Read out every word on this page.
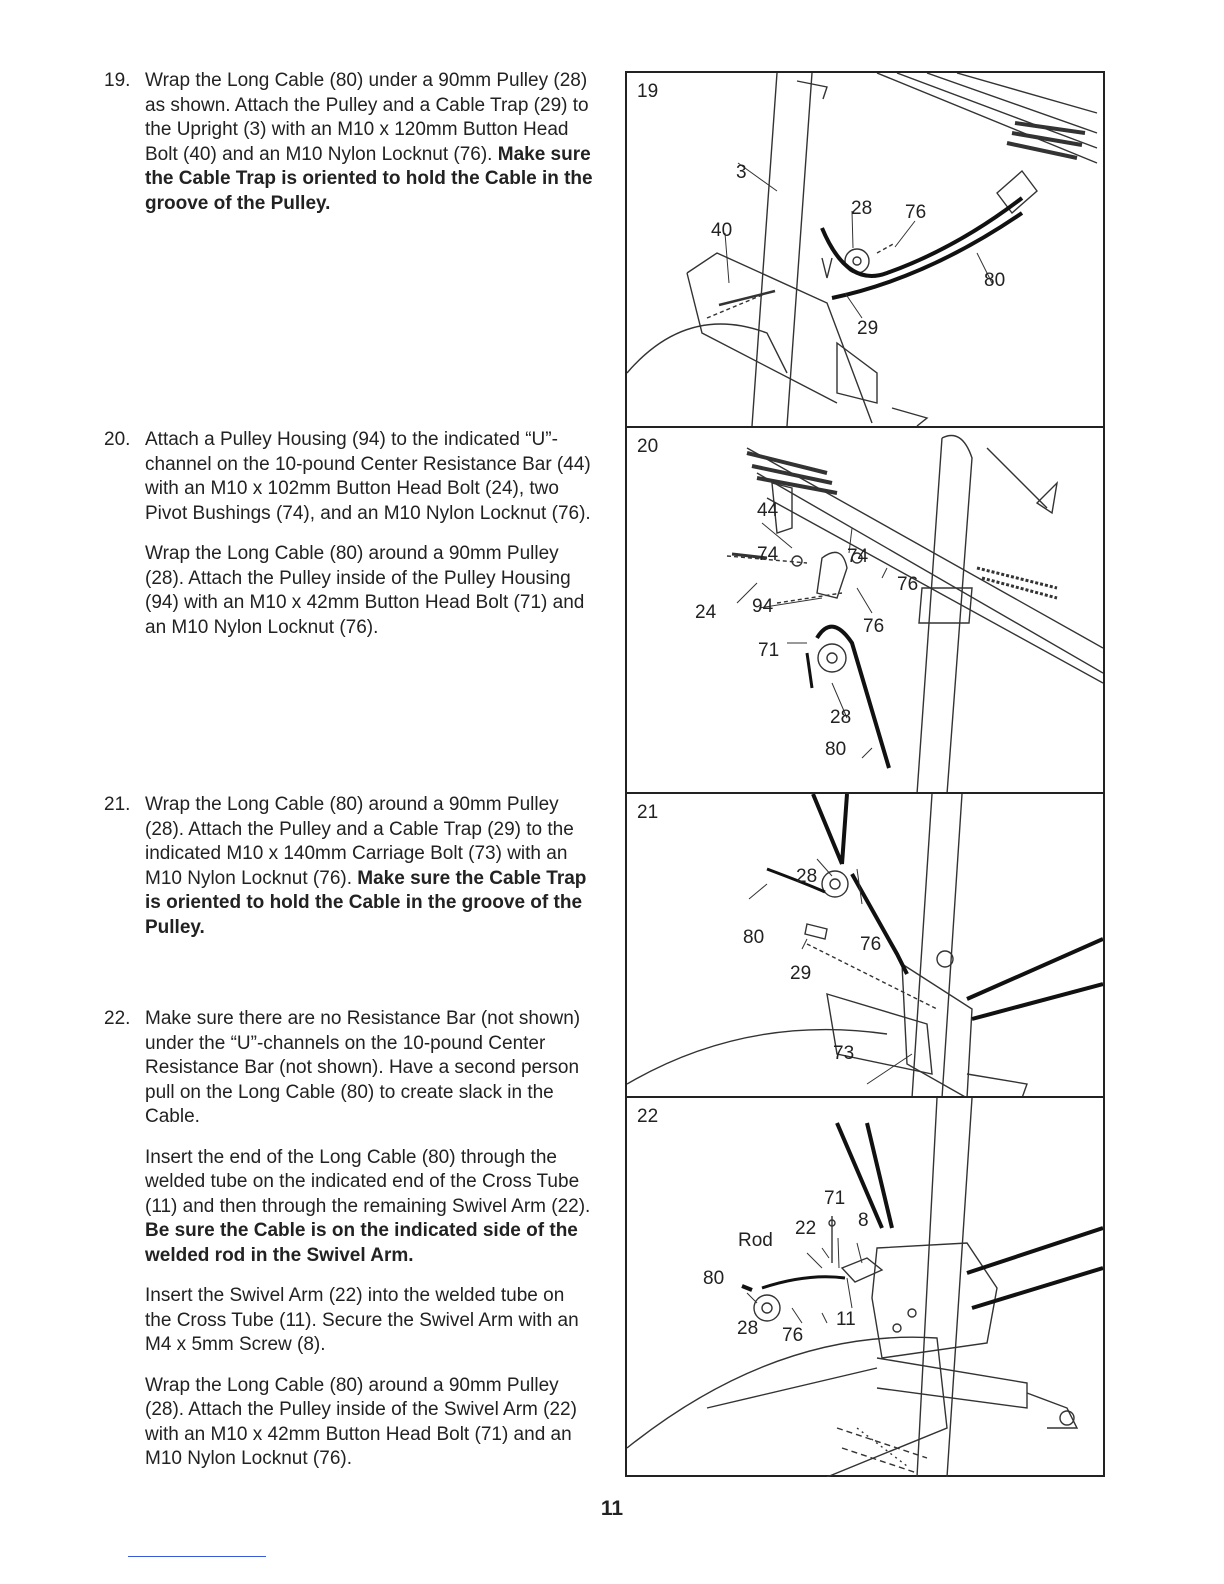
19. Wrap the Long Cable (80) under a 90mm Pulley (28) as shown. Attach the Pulley and a Cable Trap (29) to the Upright (3) with an M10 x 120mm Button Head Bolt (40) and an M10 Nylon Locknut (76). Make sure the Cable Trap is oriented to hold the Cable in the groove of the Pulley.

20. Attach a Pulley Housing (94) to the indicated “U”-channel on the 10-pound Center Resistance Bar (44) with an M10 x 102mm Button Head Bolt (24), two Pivot Bushings (74), and an M10 Nylon Locknut (76).

Wrap the Long Cable (80) around a 90mm Pulley (28). Attach the Pulley inside of the Pulley Housing (94) with an M10 x 42mm Button Head Bolt (71) and an M10 Nylon Locknut (76).

21. Wrap the Long Cable (80) around a 90mm Pulley (28). Attach the Pulley and a Cable Trap (29) to the indicated M10 x 140mm Carriage Bolt (73) with an M10 Nylon Locknut (76). Make sure the Cable Trap is oriented to hold the Cable in the groove of the Pulley.

22. Make sure there are no Resistance Bar (not shown) under the “U”-channels on the 10-pound Center Resistance Bar (not shown). Have a second person pull on the Long Cable (80) to create slack in the Cable.

Insert the end of the Long Cable (80) through the welded tube on the indicated end of the Cross Tube (11) and then through the remaining Swivel Arm (22). Be sure the Cable is on the indicated side of the welded rod in the Swivel Arm.

Insert the Swivel Arm (22) into the welded tube on the Cross Tube (11). Secure the Swivel Arm with an M4 x 5mm Screw (8).

Wrap the Long Cable (80) around a 90mm Pulley (28). Attach the Pulley inside of the Swivel Arm (22) with an M10 x 42mm Button Head Bolt (71) and an M10 Nylon Locknut (76).

19
3
40
28 76
80
29
20
44
74	74
76
24 94
76
71
28
80
21
28
80	76
29
73
22
71
22 8
Rod
80
11
28 76
11
